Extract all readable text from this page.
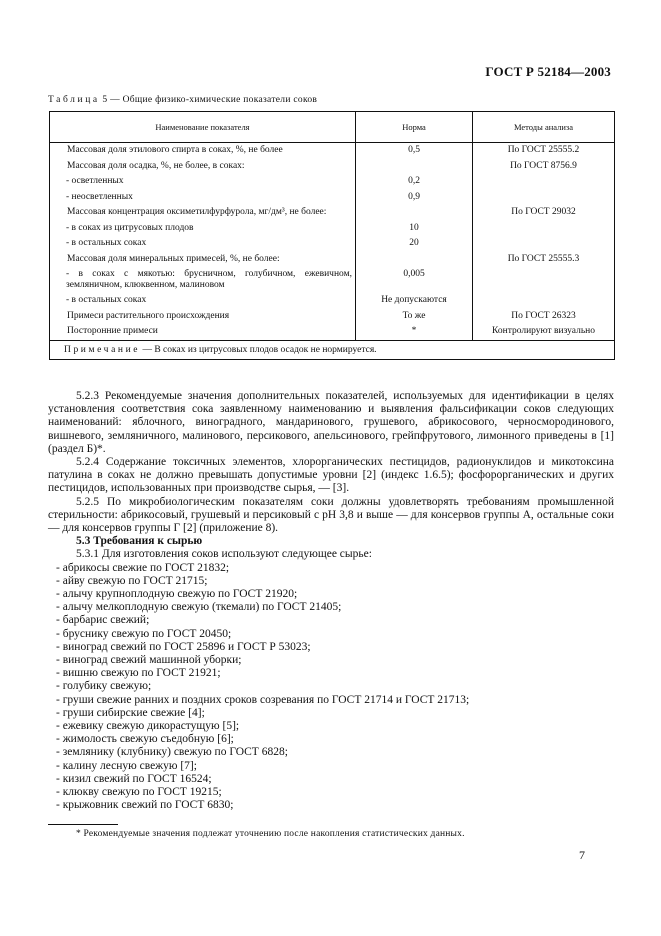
ГОСТ Р 52184—2003
Таблица 5 — Общие физико-химические показатели соков
Наименование показателя	Норма	Методы анализа
Массовая доля этилового спирта в соках, %, не более	0,5	По ГОСТ 25555.2
Массовая доля осадка, %, не более, в соках:		По ГОСТ 8756.9
- осветленных	0,2	
- неосветленных	0,9	
Массовая концентрация оксиметилфурфурола, мг/дм³, не более:		По ГОСТ 29032
- в соках из цитрусовых плодов	10	
- в остальных соках	20	
Массовая доля минеральных примесей, %, не более:		По ГОСТ 25555.3
- в соках с мякотью: брусничном, голубичном, ежевичном, земляничном, клюквенном, малиновом	0,005	
- в остальных соках	Не допускаются	
Примеси растительного происхождения	То же	По ГОСТ 26323
Посторонние примеси	*	Контролируют визуально
Примечание — В соках из цитрусовых плодов осадок не нормируется.		

5.2.3 Рекомендуемые значения дополнительных показателей, используемых для идентификации в целях установления соответствия сока заявленному наименованию и выявления фальсификации соков следующих наименований: яблочного, виноградного, мандаринового, грушевого, абрикосового, черносмородинового, вишневого, земляничного, малинового, персикового, апельсинового, грейпфрутового, лимонного приведены в [1] (раздел Б)*.

5.2.4 Содержание токсичных элементов, хлорорганических пестицидов, радионуклидов и микотоксина патулина в соках не должно превышать допустимые уровни [2] (индекс 1.6.5); фосфорорганических и других пестицидов, использованных при производстве сырья, — [3].

5.2.5 По микробиологическим показателям соки должны удовлетворять требованиям промышленной стерильности: абрикосовый, грушевый и персиковый с pH 3,8 и выше — для консервов группы А, остальные соки — для консервов группы Г [2] (приложение 8).

5.3 Требования к сырью

5.3.1 Для изготовления соков используют следующее сырье:

- абрикосы свежие по ГОСТ 21832;
- айву свежую по ГОСТ 21715;
- алычу крупноплодную свежую по ГОСТ 21920;
- алычу мелкоплодную свежую (ткемали) по ГОСТ 21405;
- барбарис свежий;
- бруснику свежую по ГОСТ 20450;
- виноград свежий по ГОСТ 25896 и ГОСТ Р 53023;
- виноград свежий машинной уборки;
- вишню свежую по ГОСТ 21921;
- голубику свежую;
- груши свежие ранних и поздних сроков созревания по ГОСТ 21714 и ГОСТ 21713;
- груши сибирские свежие [4];
- ежевику свежую дикорастущую [5];
- жимолость свежую съедобную [6];
- землянику (клубнику) свежую по ГОСТ 6828;
- калину лесную свежую [7];
- кизил свежий по ГОСТ 16524;
- клюкву свежую по ГОСТ 19215;
- крыжовник свежий по ГОСТ 6830;
* Рекомендуемые значения подлежат уточнению после накопления статистических данных.
7
